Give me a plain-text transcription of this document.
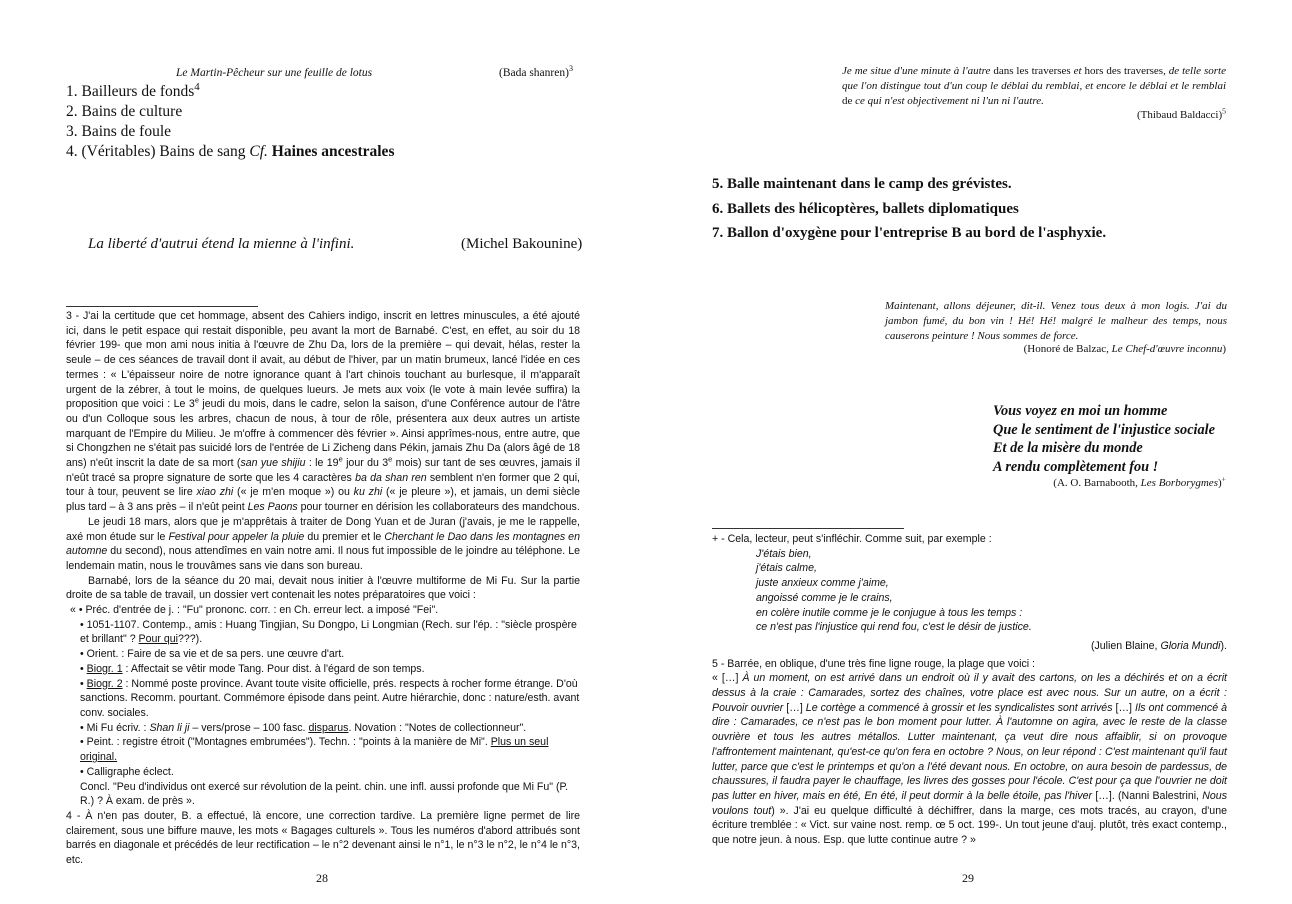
Le Martin-Pêcheur sur une feuille de lotus	(Bada shanren)$^3$
1. Bailleurs de fonds$^4$
2. Bains de culture
3. Bains de foule
4. (Véritables) Bains de sang Cf. Haines ancestrales
La liberté d'autrui étend la mienne à l'infini.	(Michel Bakounine)

3 - J'ai la certitude que cet hommage, absent des Cahiers indigo, inscrit en lettres minuscules, a été ajouté ici, dans le petit espace qui restait disponible, peu avant la mort de Barnabé. C'est, en effet, au soir du 18 février 199- que mon ami nous initia à l'œuvre de Zhu Da, lors de la première – qui devait, hélas, rester la seule – de ces séances de travail dont il avait, au début de l'hiver, par un matin brumeux, lancé l'idée en ces termes : « L'épaisseur noire de notre ignorance quant à l'art chinois touchant au burlesque, il m'apparaît urgent de la zébrer, à tout le moins, de quelques lueurs. Je mets aux voix (le vote à main levée suffira) la proposition que voici : Le 3e jeudi du mois, dans le cadre, selon la saison, d'une Conférence autour de l'âtre ou d'un Colloque sous les arbres, chacun de nous, à tour de rôle, présentera aux deux autres un artiste marquant de l'Empire du Milieu. Je m'offre à commencer dès février ». Ainsi apprîmes-nous, entre autre, que si Chongzhen ne s'était pas suicidé lors de l'entrée de Li Zicheng dans Pékin, jamais Zhu Da (alors âgé de 18 ans) n'eût inscrit la date de sa mort (san yue shijiu : le 19e jour du 3e mois) sur tant de ses œuvres, jamais il n'eût tracé sa propre signature de sorte que les 4 caractères ba da shan ren semblent n'en former que 2 qui, tour à tour, peuvent se lire xiao zhi (« je m'en moque ») ou ku zhi (« je pleure »), et jamais, un demi siècle plus tard – à 3 ans près – il n'eût peint Les Paons pour tourner en dérision les collaborateurs des mandchous.

Le jeudi 18 mars, alors que je m'apprêtais à traiter de Dong Yuan et de Juran (j'avais, je me le rappelle, axé mon étude sur le Festival pour appeler la pluie du premier et le Cherchant le Dao dans les montagnes en automne du second), nous attendîmes en vain notre ami. Il nous fut impossible de le joindre au téléphone. Le lendemain matin, nous le trouvâmes sans vie dans son bureau.

Barnabé, lors de la séance du 20 mai, devait nous initier à l'œuvre multiforme de Mi Fu. Sur la partie droite de sa table de travail, un dossier vert contenait les notes préparatoires que voici :

« • Préc. d'entrée de j. : "Fu" prononc. corr. : en Ch. erreur lect. a imposé "Fei".

• 1051-1107. Contemp., amis : Huang Tingjian, Su Dongpo, Li Longmian (Rech. sur l'ép. : "siècle prospère et brillant" ? Pour qui???).

• Orient. : Faire de sa vie et de sa pers. une œuvre d'art.

• Biogr. 1 : Affectait se vêtir mode Tang. Pour dist. à l'égard de son temps.

• Biogr. 2 : Nommé poste province. Avant toute visite officielle, prés. respects à rocher forme étrange. D'où sanctions. Recomm. pourtant. Commémore épisode dans peint. Autre hiérarchie, donc : nature/esth. avant conv. sociales.

• Mi Fu écriv. : Shan li ji – vers/prose – 100 fasc. disparus. Novation : "Notes de collectionneur".

• Peint. : registre étroit ("Montagnes embrumées"). Techn. : "points à la manière de Mi". Plus un seul original.

• Calligraphe éclect.

Concl. "Peu d'individus ont exercé sur révolution de la peint. chin. une infl. aussi profonde que Mi Fu" (P. R.) ? À exam. de près ».

4 - À n'en pas douter, B. a effectué, là encore, une correction tardive. La première ligne permet de lire clairement, sous une biffure mauve, les mots « Bagages culturels ». Tous les numéros d'abord attribués sont barrés en diagonale et précédés de leur rectification – le n°2 devenant ainsi le n°1, le n°3 le n°2, le n°4 le n°3, etc.

28
Je me situe d'une minute à l'autre dans les traverses et hors des traverses, de telle sorte que l'on distingue tout d'un coup le déblai du remblai, et encore le déblai et le remblai de ce qui n'est objectivement ni l'un ni l'autre.
(Thibaud Baldacci)$^5$
5. Balle maintenant dans le camp des grévistes.
6. Ballets des hélicoptères, ballets diplomatiques
7. Ballon d'oxygène pour l'entreprise B au bord de l'asphyxie.
Maintenant, allons déjeuner, dit-il. Venez tous deux à mon logis. J'ai du jambon fumé, du bon vin ! Hé! Hé! malgré le malheur des temps, nous causerons peinture ! Nous sommes de force.
(Honoré de Balzac, Le Chef-d'œuvre inconnu)
Vous voyez en moi un homme
Que le sentiment de l'injustice sociale
Et de la misère du monde
A rendu complètement fou !
(A. O. Barnabooth, Les Borborygmes)+

+ - Cela, lecteur, peut s'infléchir. Comme suit, par exemple :

J'étais bien,

j'étais calme,

juste anxieux comme j'aime,

angoissé comme je le crains,

en colère inutile comme je le conjugue à tous les temps :

ce n'est pas l'injustice qui rend fou, c'est le désir de justice.

(Julien Blaine, Gloria Mundi).

5 - Barrée, en oblique, d'une très fine ligne rouge, la plage que voici :

« […] À un moment, on est arrivé dans un endroit où il y avait des cartons, on les a déchirés et on a écrit dessus à la craie : Camarades, sortez des chaînes, votre place est avec nous. Sur un autre, on a écrit : Pouvoir ouvrier […] Le cortège a commencé à grossir et les syndicalistes sont arrivés […] Ils ont commencé à dire : Camarades, ce n'est pas le bon moment pour lutter. À l'automne on agira, avec le reste de la classe ouvrière et tous les autres métallos. Lutter maintenant, ça veut dire nous affaiblir, si on provoque l'affrontement maintenant, qu'est-ce qu'on fera en octobre ? Nous, on leur répond : C'est maintenant qu'il faut lutter, parce que c'est le printemps et qu'on a l'été devant nous. En octobre, on aura besoin de pardessus, de chaussures, il faudra payer le chauffage, les livres des gosses pour l'école. C'est pour ça que l'ouvrier ne doit pas lutter en hiver, mais en été, En été, il peut dormir à la belle étoile, pas l'hiver […]. (Nanni Balestrini, Nous voulons tout) ». J'ai eu quelque difficulté à déchiffrer, dans la marge, ces mots tracés, au crayon, d'une écriture tremblée : « Vict. sur vaine nost. remp. œ 5 oct. 199-. Un tout jeune d'auj. plutôt, très exact contemp., que notre jeun. à nous. Esp. que lutte continue autre ? »

29
